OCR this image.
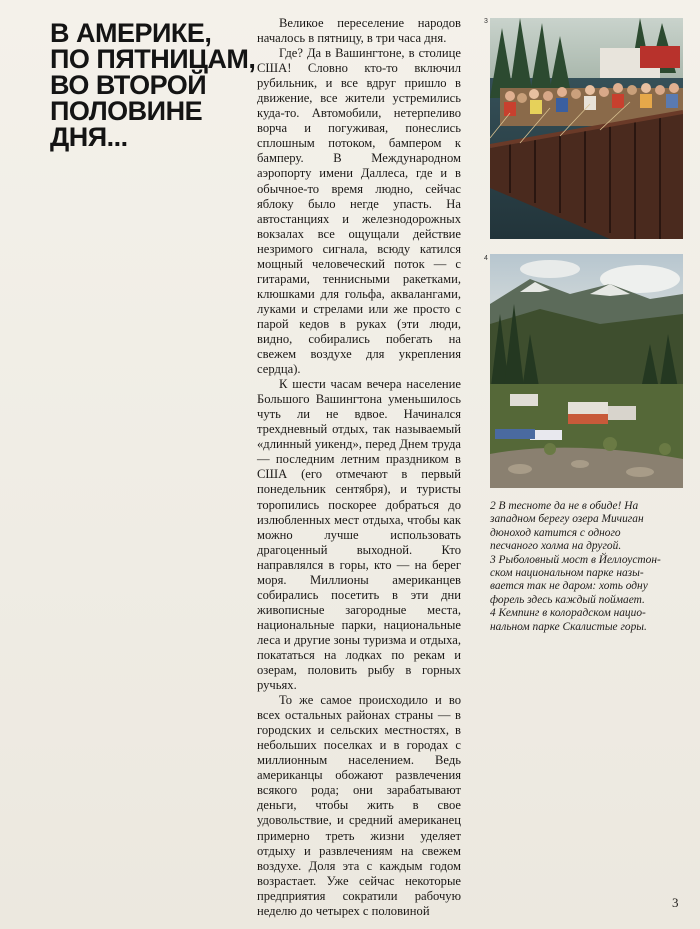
В АМЕРИКЕ,
ПО ПЯТНИЦАМ,
ВО ВТОРОЙ
ПОЛОВИНЕ
ДНЯ...

Великое переселение народов началось в пятницу, в три часа дня.

Где? Да в Вашингтоне, в столице США! Словно кто-то включил рубильник, и все вдруг пришло в движение, все жители устремились куда-то. Автомобили, нетерпеливо ворча и погуживая, понеслись сплошным потоком, бампером к бамперу. В Международном аэропорту имени Даллеса, где и в обычное-то время людно, сейчас яблоку было негде упасть. На автостанциях и железнодорожных вокзалах все ощущали действие незримого сигнала, всюду катился мощный человеческий поток — с гитарами, теннисными ракетками, клюшками для гольфа, аквалангами, луками и стрелами или же просто с парой кедов в руках (эти люди, видно, собирались побегать на свежем воздухе для укрепления сердца).

К шести часам вечера население Большого Вашингтона уменьшилось чуть ли не вдвое. Начинался трехдневный отдых, так называемый «длинный уикенд», перед Днем труда — последним летним праздником в США (его отмечают в первый понедельник сентября), и туристы торопились поскорее добраться до излюбленных мест отдыха, чтобы как можно лучше использовать драгоценный выходной. Кто направлялся в горы, кто — на берег моря. Миллионы американцев собирались посетить в эти дни живописные загородные места, национальные парки, национальные леса и другие зоны туризма и отдыха, покататься на лодках по рекам и озерам, половить рыбу в горных ручьях.

То же самое происходило и во всех остальных районах страны — в городских и сельских местностях, в небольших поселках и в городах с миллионным населением. Ведь американцы обожают развлечения всякого рода; они зарабатывают деньги, чтобы жить в свое удовольствие, и средний американец примерно треть жизни уделяет отдыху и развлечениям на свежем воздухе. Доля эта с каждым годом возрастает. Уже сейчас некоторые предприятия сократили рабочую неделю до четырех с половиной

3
4
2 В тесноте да не в обиде! На
западном берегу озера Мичиган
дюноход катится с одного
песчаного холма на другой.
3 Рыболовный мост в Йеллоустон-
ском национальном парке назы-
вается так не даром: хоть одну
форель здесь каждый поймает.
4 Кемпинг в колорадском нацио-
нальном парке Скалистые горы.
3
